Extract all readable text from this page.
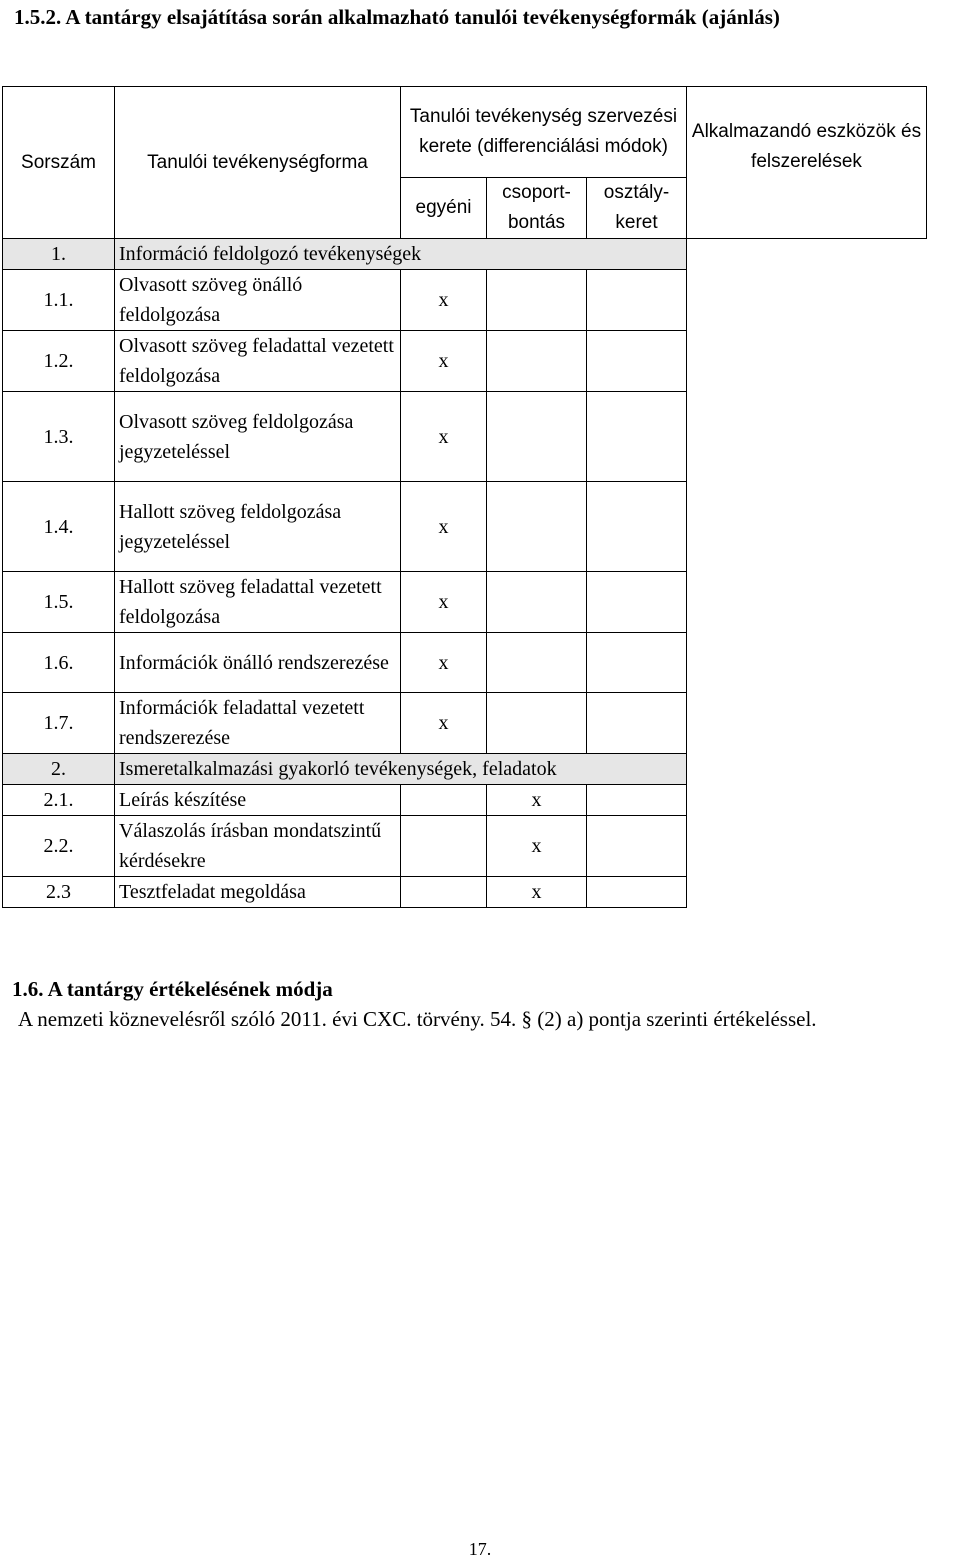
1.5.2. A tantárgy elsajátítása során alkalmazható tanulói tevékenységformák (ajánlás)
Sorszám	Tanulói tevékenységforma	Tanulói tevékenység szervezési kerete (differenciálási módok)			Alkalmazandó eszközök és felszerelések
		egyéni	csoport-bontás	osztály-keret	
1.	Információ feldolgozó tevékenységek				
1.1.	Olvasott szöveg önálló feldolgozása	x			
1.2.	Olvasott szöveg feladattal vezetett feldolgozása	x			
1.3.	Olvasott szöveg feldolgozása jegyzeteléssel	x			
1.4.	Hallott szöveg feldolgozása jegyzeteléssel	x			
1.5.	Hallott szöveg feladattal vezetett feldolgozása	x			
1.6.	Információk önálló rendszerezése	x			
1.7.	Információk feladattal vezetett rendszerezése	x			
2.	Ismeretalkalmazási gyakorló tevékenységek, feladatok				
2.1.	Leírás készítése		x		
2.2.	Válaszolás írásban mondatszintű kérdésekre		x		
2.3	Tesztfeladat megoldása		x		
1.6. A tantárgy értékelésének módja
A nemzeti köznevelésről szóló 2011. évi CXC. törvény. 54. § (2) a) pontja szerinti értékeléssel.
17.
